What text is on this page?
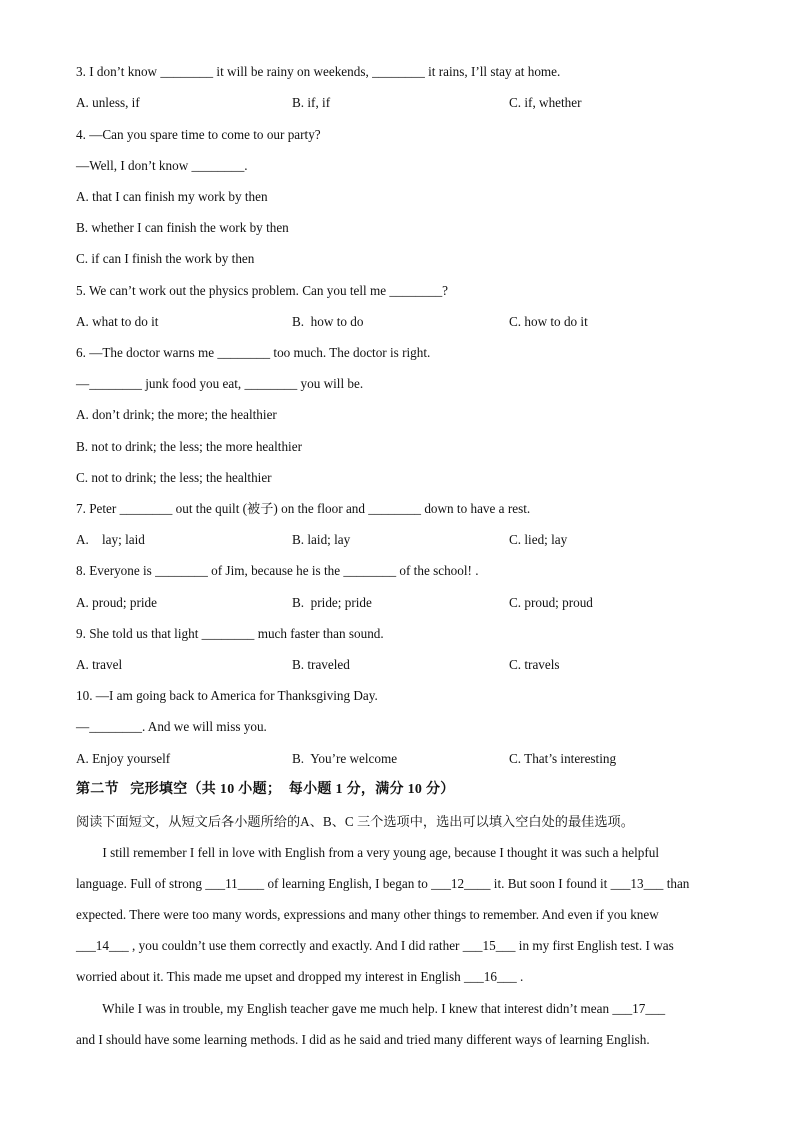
3. I don’t know ________ it will be rainy on weekends, ________ it rains, I’ll stay at home.
A. unless, if	B. if, if	C. if, whether
4. —Can you spare time to come to our party?
—Well, I don’t know ________.
A. that I can finish my work by then
B. whether I can finish the work by then
C. if can I finish the work by then
5. We can’t work out the physics problem. Can you tell me ________?
A. what to do it	B.  how to do	C. how to do it
6. —The doctor warns me ________ too much. The doctor is right.
—________ junk food you eat, ________ you will be.
A. don’t drink; the more; the healthier
B. not to drink; the less; the more healthier
C. not to drink; the less; the healthier
7. Peter ________ out the quilt (被子) on the floor and ________ down to have a rest.
A.    lay; laid	B. laid; lay	C. lied; lay
8. Everyone is ________ of Jim, because he is the ________ of the school! .
A. proud; pride	B.  pride; pride	C. proud; proud
9. She told us that light ________ much faster than sound.
A. travel	B. traveled	C. travels
10. —I am going back to America for Thanksgiving Day.
—________. And we will miss you.
A. Enjoy yourself	B.  You’re welcome	C. That’s interesting
第二节   完形填空（共 10 小题；  每小题 1 分，满分 10 分）
阅读下面短文，从短文后各小题所给的A、B、C 三个选项中，选出可以填入空白处的最佳选项。
I still remember I fell in love with English from a very young age, because I thought it was such a helpful
language. Full of strong ___11____ of learning English, I began to ___12____ it. But soon I found it ___13___ than
expected. There were too many words, expressions and many other things to remember. And even if you knew
___14___ , you couldn’t use them correctly and exactly. And I did rather ___15___ in my first English test. I was
worried about it. This made me upset and dropped my interest in English ___16___ .
While I was in trouble, my English teacher gave me much help. I knew that interest didn’t mean ___17___
and I should have some learning methods. I did as he said and tried many different ways of learning English.
